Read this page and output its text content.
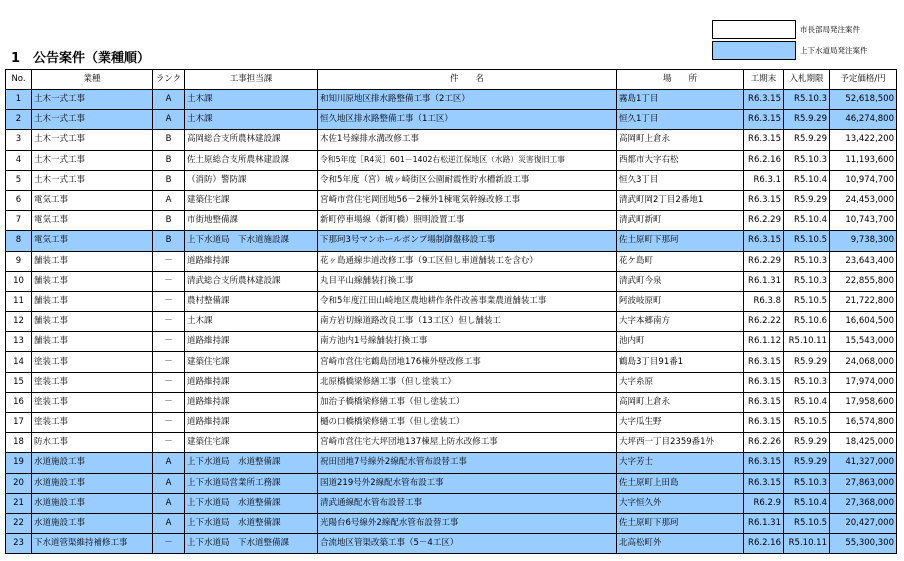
市長部局発注案件
上下水道局発注案件
1　公告案件（業種順）
No.	業種	ランク	工事担当課	件　　名	場　　所	工期末	入札期限	予定価格/円
1	土木一式工事	A	土木課	和知川原地区排水路整備工事（2工区）	霧島1丁目	R6.3.15	R5.10.3	52,618,500
2	土木一式工事	A	土木課	恒久地区排水路整備工事（1工区）	恒久1丁目	R6.3.15	R5.9.29	46,274,800
3	土木一式工事	B	高岡総合支所農林建設課	木佐1号線排水溝改修工事	高岡町上倉永	R6.3.15	R5.9.29	13,422,200
4	土木一式工事	B	佐土原総合支所農林建設課	令和5年度［R4災］601－1402右松逆江保地区（水路）災害復旧工事	西都市大字右松	R6.2.16	R5.10.3	11,193,600
5	土木一式工事	B	（消防）警防課	令和5年度（宮）城ヶ崎街区公園耐震性貯水槽新設工事	恒久3丁目	R6.3.1	R5.10.4	10,974,700
6	電気工事	A	建築住宅課	宮崎市営住宅岡団地56－2棟外1棟電気幹線改修工事	清武町岡2丁目2番地1	R6.3.15	R5.9.29	24,453,000
7	電気工事	B	市街地整備課	新町停車場線（新町橋）照明設置工事	清武町新町	R6.2.29	R5.10.4	10,743,700
8	電気工事	B	上下水道局　下水道施設課	下那珂3号マンホールポンプ場制御盤移設工事	佐土原町下那珂	R6.3.15	R5.10.5	9,738,300
9	舗装工事	－	道路維持課	花ヶ島通線歩道改修工事（9工区但し車道舗装工を含む）	花ケ島町	R6.2.29	R5.10.3	23,643,400
10	舗装工事	－	清武総合支所農林建設課	丸目平山線舗装打換工事	清武町今泉	R6.1.31	R5.10.3	22,855,800
11	舗装工事	－	農村整備課	令和5年度江田山崎地区農地耕作条件改善事業農道舗装工事	阿波岐原町	R6.3.8	R5.10.5	21,722,800
12	舗装工事	－	土木課	南方岩切線道路改良工事（13工区）但し舗装工	大字本郷南方	R6.2.22	R5.10.6	16,604,500
13	舗装工事	－	道路維持課	南方池内1号線舗装打換工事	池内町	R6.1.12	R5.10.11	15,543,000
14	塗装工事	－	建築住宅課	宮崎市営住宅鶴島団地176棟外壁改修工事	鶴島3丁目91番1	R6.3.15	R5.9.29	24,068,000
15	塗装工事	－	道路維持課	北原橋橋梁修繕工事（但し塗装工）	大字糸原	R6.3.15	R5.10.3	17,974,000
16	塗装工事	－	道路維持課	加治子橋橋梁修繕工事（但し塗装工）	高岡町上倉永	R6.3.15	R5.10.4	17,958,600
17	塗装工事	－	道路維持課	樋の口橋橋梁修繕工事（但し塗装工）	大字瓜生野	R6.3.15	R5.10.5	16,574,800
18	防水工事	－	建築住宅課	宮崎市営住宅大坪団地137棟屋上防水改修工事	大坪西一丁目2359番1外	R6.2.26	R5.9.29	18,425,000
19	水道施設工事	A	上下水道局　水道整備課	祝田団地7号線外2線配水管布設替工事	大字芳士	R6.3.15	R5.9.29	41,327,000
20	水道施設工事	A	上下水道局営業所工務課	国道219号外2線配水管布設工事	佐土原町上田島	R6.3.15	R5.10.3	27,863,000
21	水道施設工事	A	上下水道局　水道整備課	清武通線配水管布設替工事	大字恒久外	R6.2.9	R5.10.4	27,368,000
22	水道施設工事	A	上下水道局　水道整備課	光陽台6号線外2線配水管布設替工事	佐土原町下那珂	R6.1.31	R5.10.5	20,427,000
23	下水道管渠維持補修工事	－	上下水道局　下水道整備課	合流地区管渠改築工事（5－4工区）	北高松町外	R6.2.16	R5.10.11	55,300,300
